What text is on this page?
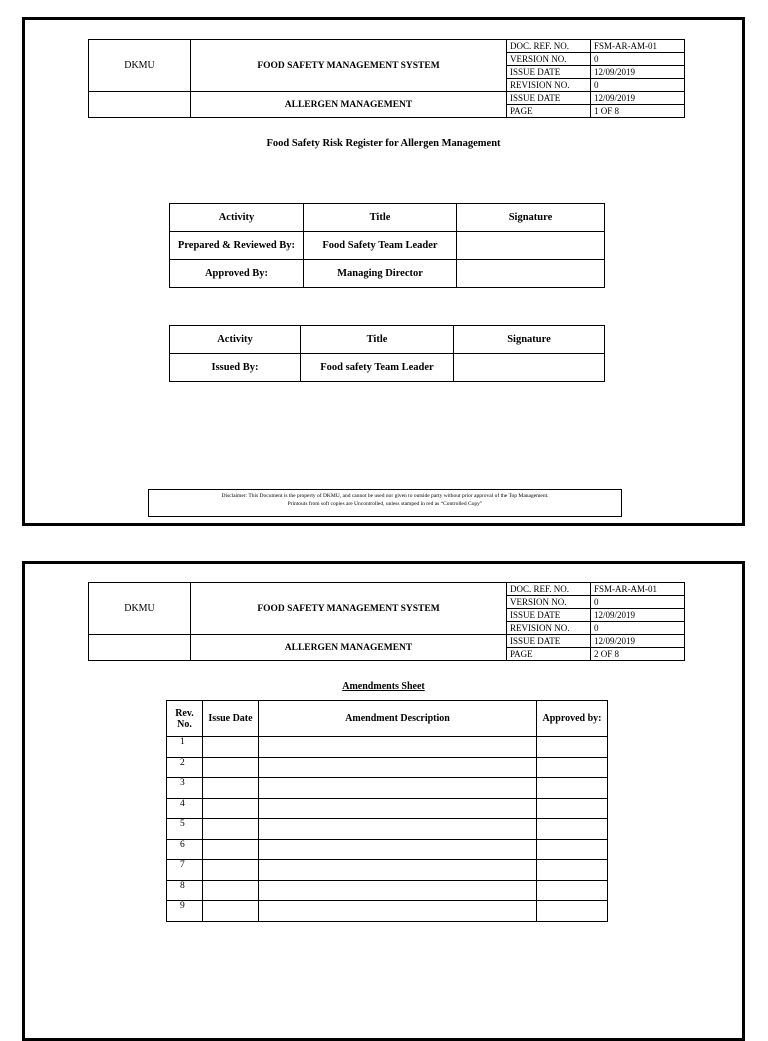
DKMU	FOOD SAFETY MANAGEMENT SYSTEM	DOC. REF. NO.	FSM-AR-AM-01
		VERSION NO.	0
		ISSUE DATE	12/09/2019
		REVISION NO.	0
	ALLERGEN MANAGEMENT	ISSUE DATE	12/09/2019
		PAGE	1 OF 8
Food Safety Risk Register for Allergen Management
Activity	Title	Signature
Prepared & Reviewed By:	Food Safety Team Leader	
Approved By:	Managing Director	
Activity	Title	Signature
Issued By:	Food safety Team Leader	
Disclaimer: This Document is the property of DKMU, and cannot be used nor given to outside party without prior approval of the Top Management.
Printouts from soft copies are Uncontrolled, unless stamped in red as “Controlled Copy”
DKMU	FOOD SAFETY MANAGEMENT SYSTEM	DOC. REF. NO.	FSM-AR-AM-01
		VERSION NO.	0
		ISSUE DATE	12/09/2019
		REVISION NO.	0
	ALLERGEN MANAGEMENT	ISSUE DATE	12/09/2019
		PAGE	2 OF 8
Amendments Sheet
Rev. No.	Issue Date	Amendment Description	Approved by:
1			
2			
3			
4			
5			
6			
7			
8			
9			
